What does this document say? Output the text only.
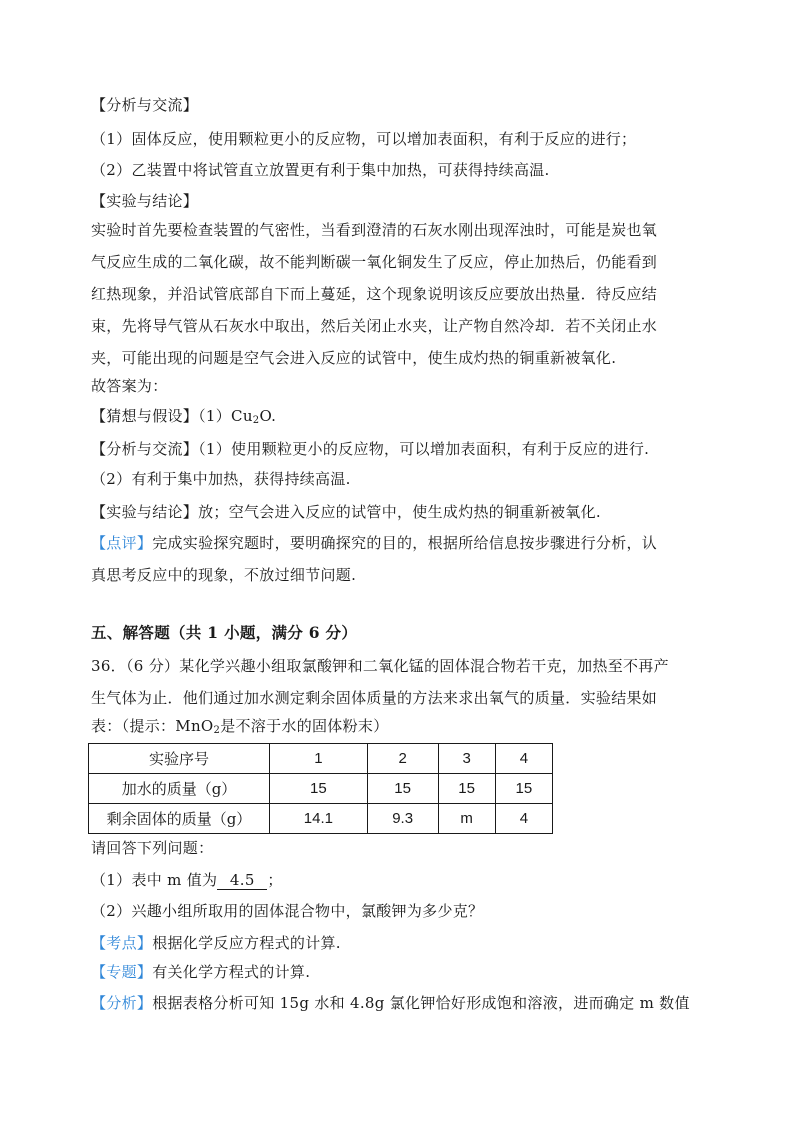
【分析与交流】
（1）固体反应，使用颗粒更小的反应物，可以增加表面积，有利于反应的进行；
（2）乙装置中将试管直立放置更有利于集中加热，可获得持续高温.
【实验与结论】
实验时首先要检查装置的气密性，当看到澄清的石灰水刚出现浑浊时，可能是炭也氧
气反应生成的二氧化碳，故不能判断碳一氧化铜发生了反应，停止加热后，仍能看到
红热现象，并沿试管底部自下而上蔓延，这个现象说明该反应要放出热量．待反应结
束，先将导气管从石灰水中取出，然后关闭止水夹，让产物自然冷却．若不关闭止水
夹，可能出现的问题是空气会进入反应的试管中，使生成灼热的铜重新被氧化.
故答案为：
【猜想与假设】$(1)Cu_2O$.
【分析与交流】（1）使用颗粒更小的反应物，可以增加表面积，有利于反应的进行.
（2）有利于集中加热，获得持续高温.
【实验与结论】放；空气会进入反应的试管中，使生成灼热的铜重新被氧化.
【点评】完成实验探究题时，要明确探究的目的，根据所给信息按步骤进行分析，认
真思考反应中的现象，不放过细节问题.
五、解答题（共 1 小题，满分 6 分）
36．（6 分）某化学兴趣小组取氯酸钾和二氧化锰的固体混合物若干克，加热至不再产
生气体为止．他们通过加水测定剩余固体质量的方法来求出氧气的质量．实验结果如
表：（提示：MnO$_2$是不溶于水的固体粉末）
实验序号	1	2	3	4
加水的质量（g）	15	15	15	15
剩余固体的质量（g）	14.1	9.3	m	4
请回答下列问题：
（1）表中 m 值为 4.5 ；
（2）兴趣小组所取用的固体混合物中，氯酸钾为多少克？
【考点】根据化学反应方程式的计算.
【专题】有关化学方程式的计算.
【分析】根据表格分析可知 15g 水和 4.8g 氯化钾恰好形成饱和溶液，进而确定 m 数值
